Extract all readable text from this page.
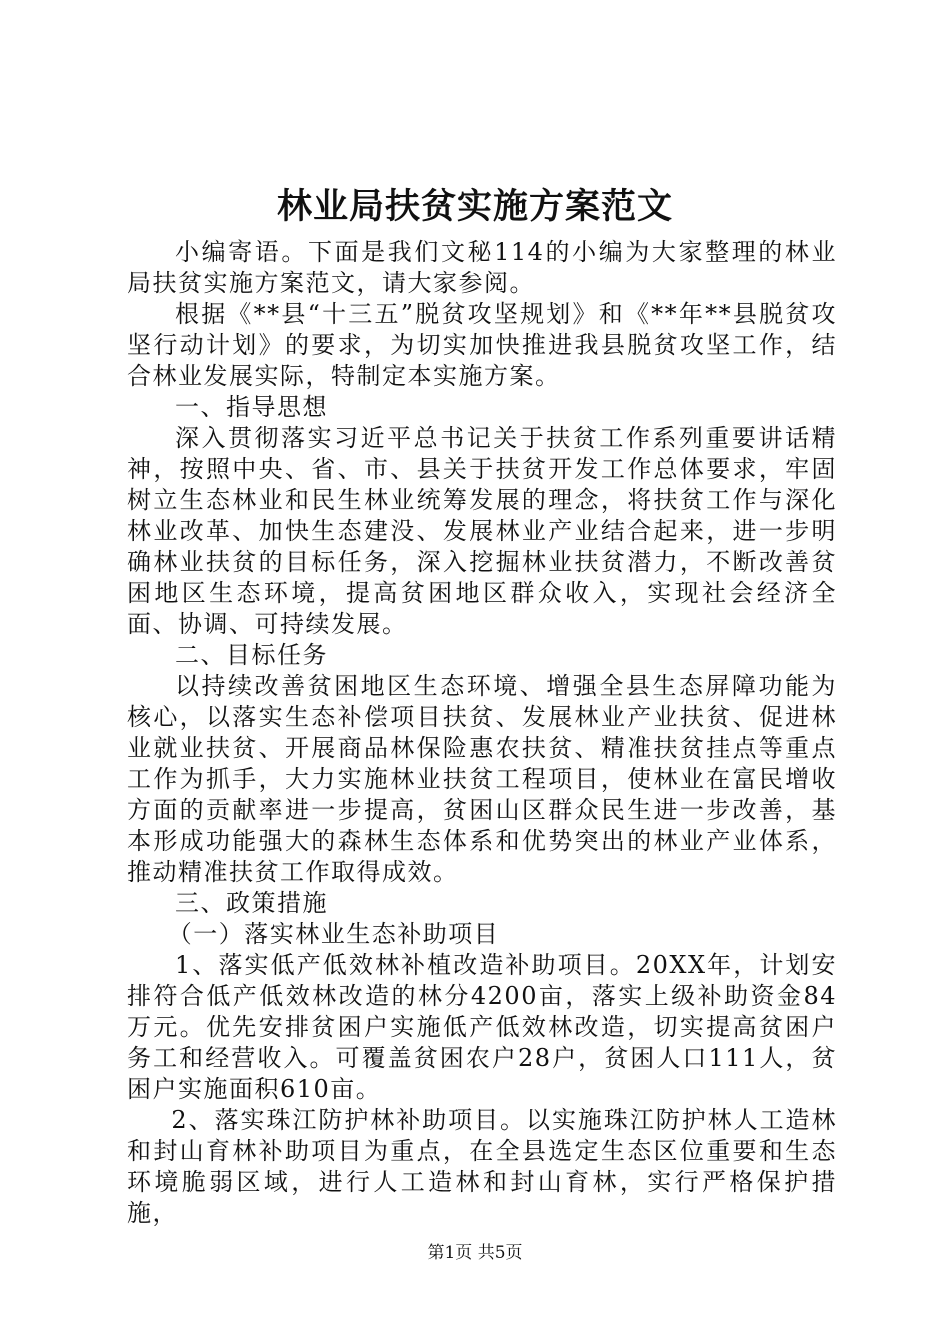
林业局扶贫实施方案范文

小编寄语。下面是我们文秘114的小编为大家整理的林业局扶贫实施方案范文，请大家参阅。

根据《**县“十三五”脱贫攻坚规划》和《**年**县脱贫攻坚行动计划》的要求，为切实加快推进我县脱贫攻坚工作，结合林业发展实际，特制定本实施方案。

一、指导思想

深入贯彻落实习近平总书记关于扶贫工作系列重要讲话精神，按照中央、省、市、县关于扶贫开发工作总体要求，牢固树立生态林业和民生林业统筹发展的理念，将扶贫工作与深化林业改革、加快生态建没、发展林业产业结合起来，进一步明确林业扶贫的目标任务，深入挖掘林业扶贫潜力，不断改善贫困地区生态环境，提高贫困地区群众收入，实现社会经济全面、协调、可持续发展。

二、目标任务

以持续改善贫困地区生态环境、增强全县生态屏障功能为核心，以落实生态补偿项目扶贫、发展林业产业扶贫、促进林业就业扶贫、开展商品林保险惠农扶贫、精准扶贫挂点等重点工作为抓手，大力实施林业扶贫工程项目，使林业在富民增收方面的贡献率进一步提高，贫困山区群众民生进一步改善，基本形成功能强大的森林生态体系和优势突出的林业产业体系，推动精准扶贫工作取得成效。

三、政策措施

（一）落实林业生态补助项目

1、落实低产低效林补植改造补助项目。20XX年，计划安排符合低产低效林改造的林分4200亩，落实上级补助资金84万元。优先安排贫困户实施低产低效林改造，切实提高贫困户务工和经营收入。可覆盖贫困农户28户，贫困人口111人，贫困户实施面积610亩。

2、落实珠江防护林补助项目。以实施珠江防护林人工造林和封山育林补助项目为重点，在全县选定生态区位重要和生态环境脆弱区域，进行人工造林和封山育林，实行严格保护措施，

第1页 共5页
